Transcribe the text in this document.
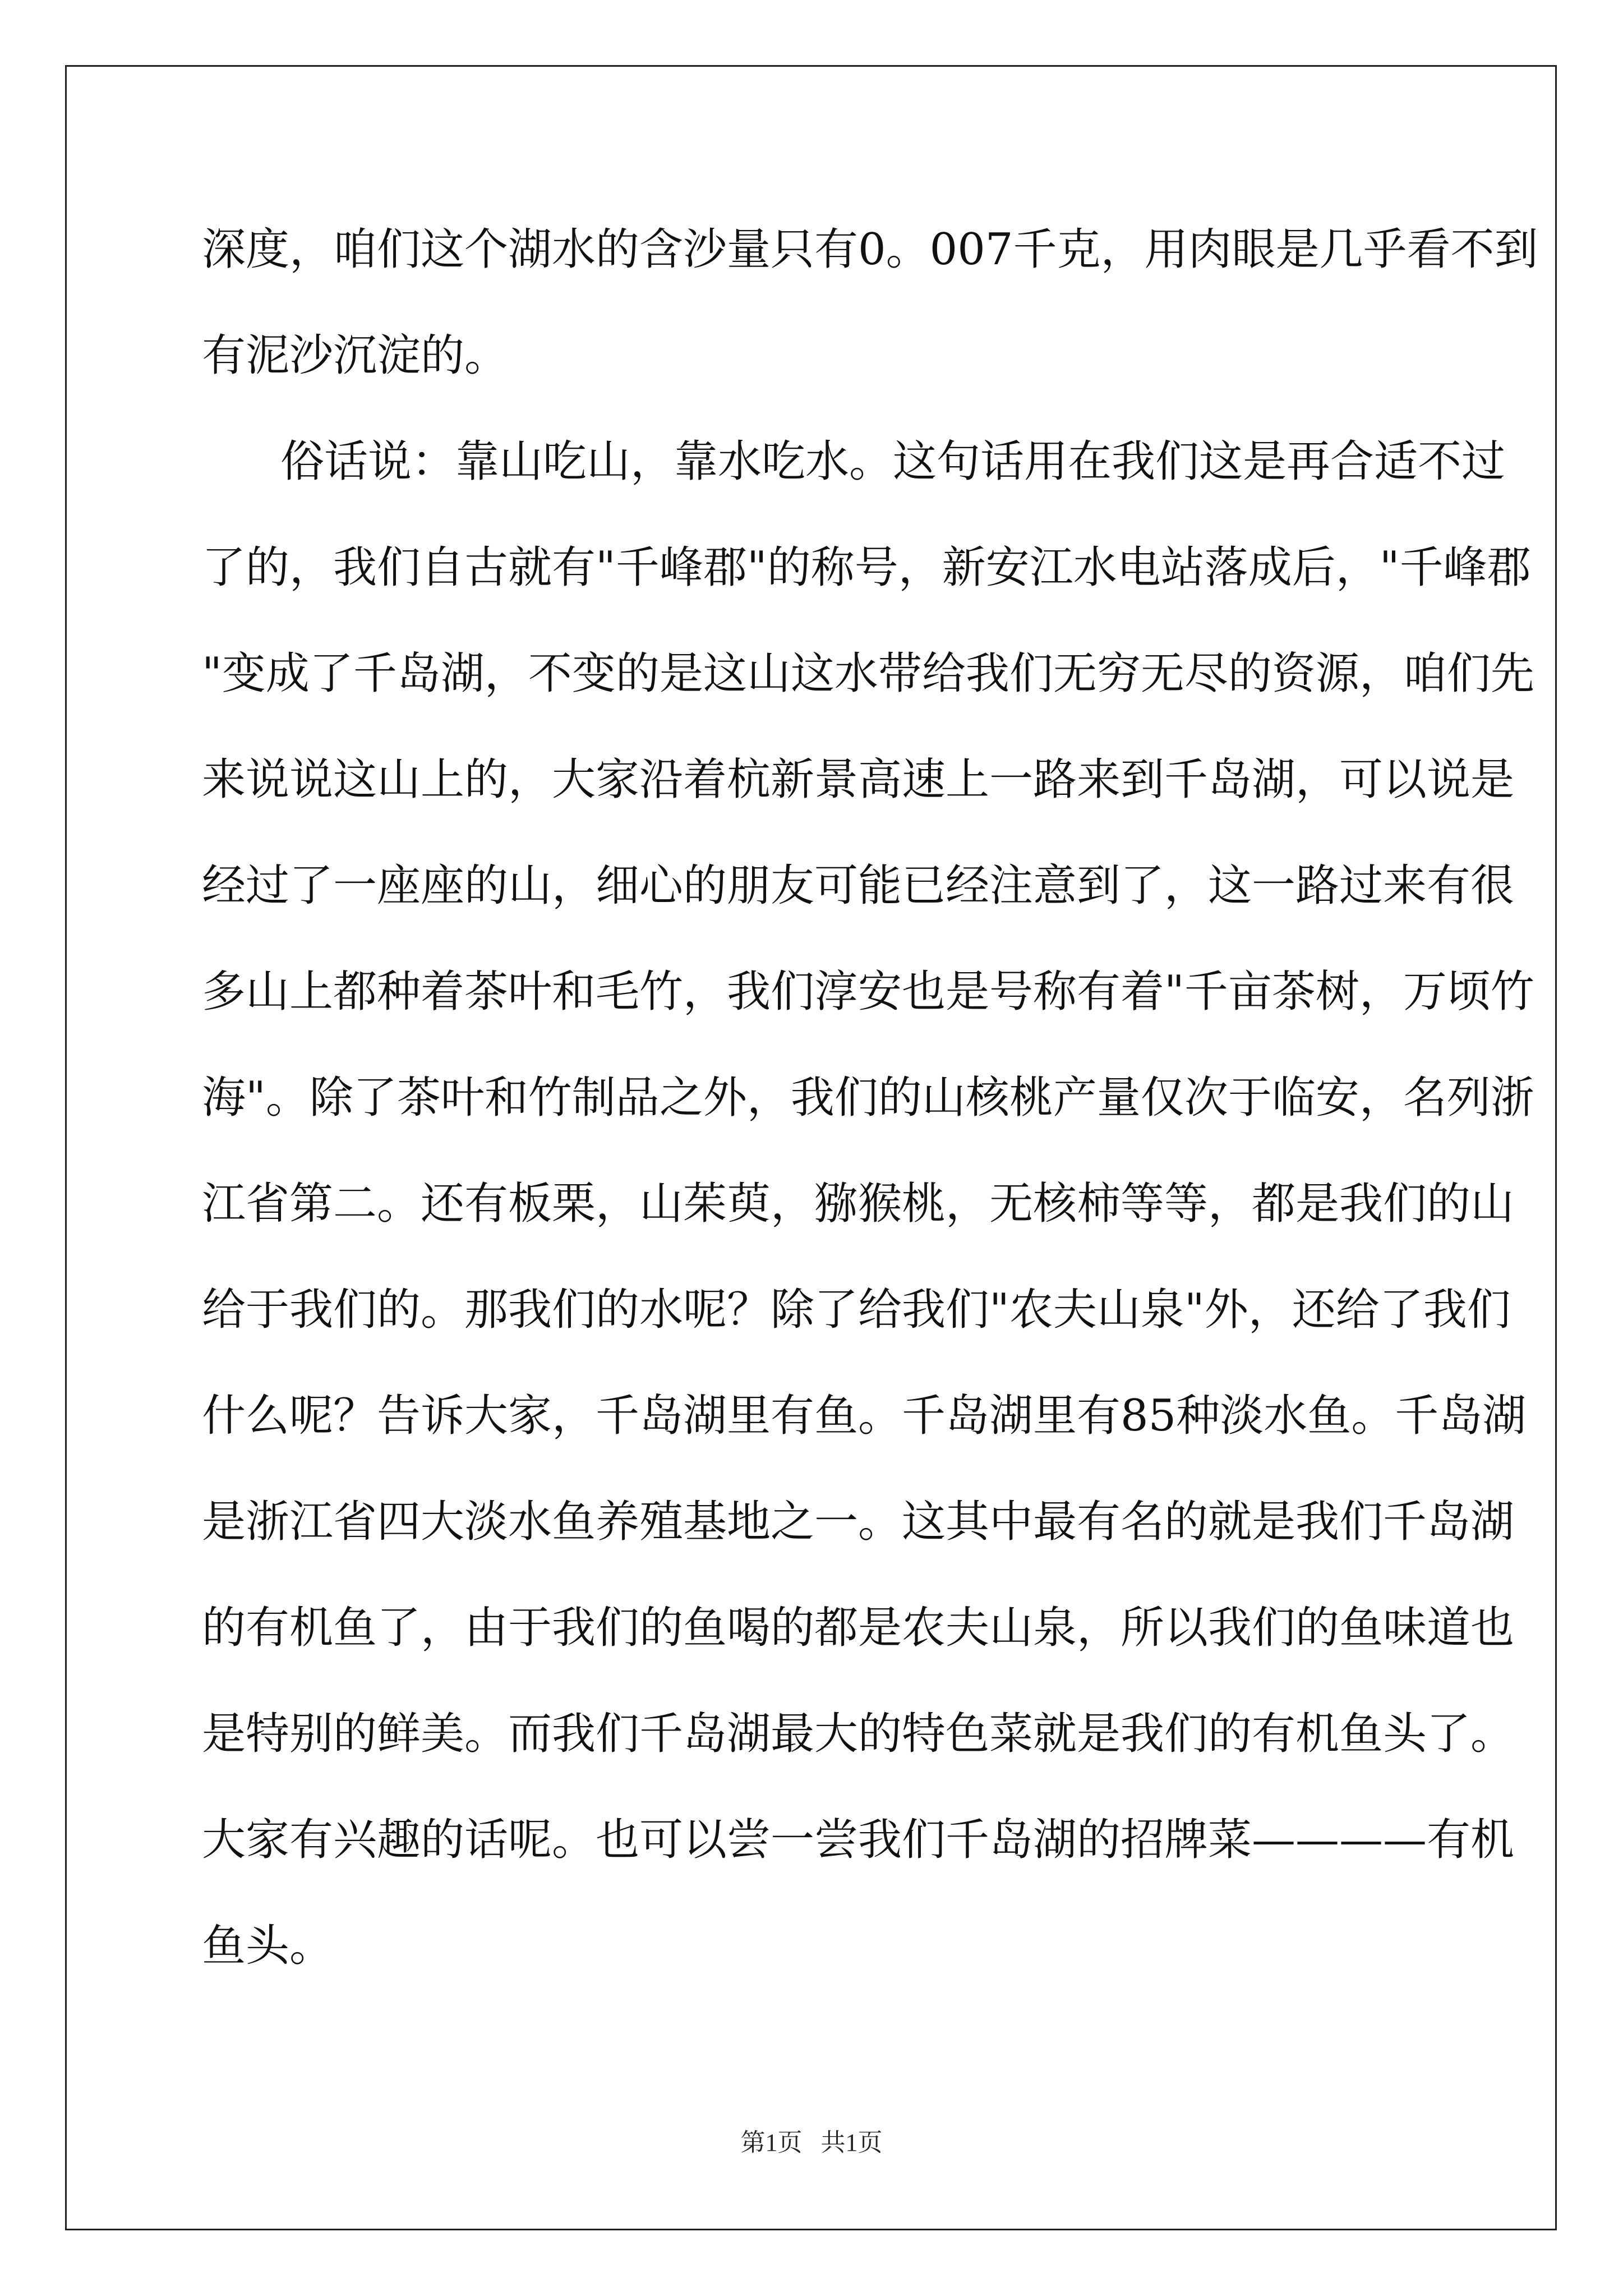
深度，咱们这个湖水的含沙量只有0。007千克，用肉眼是几乎看不到
有泥沙沉淀的。
俗话说：靠山吃山，靠水吃水。这句话用在我们这是再合适不过
了的，我们自古就有"千峰郡"的称号，新安江水电站落成后，"千峰郡
"变成了千岛湖，不变的是这山这水带给我们无穷无尽的资源，咱们先
来说说这山上的，大家沿着杭新景高速上一路来到千岛湖，可以说是
经过了一座座的山，细心的朋友可能已经注意到了，这一路过来有很
多山上都种着茶叶和毛竹，我们淳安也是号称有着"千亩茶树，万顷竹
海"。除了茶叶和竹制品之外，我们的山核桃产量仅次于临安，名列浙
江省第二。还有板栗，山茱萸，猕猴桃，无核柿等等，都是我们的山
给于我们的。那我们的水呢？除了给我们"农夫山泉"外，还给了我们
什么呢？告诉大家，千岛湖里有鱼。千岛湖里有85种淡水鱼。千岛湖
是浙江省四大淡水鱼养殖基地之一。这其中最有名的就是我们千岛湖
的有机鱼了，由于我们的鱼喝的都是农夫山泉，所以我们的鱼味道也
是特别的鲜美。而我们千岛湖最大的特色菜就是我们的有机鱼头了。
大家有兴趣的话呢。也可以尝一尝我们千岛湖的招牌菜————有机
鱼头。
第1页   共1页
